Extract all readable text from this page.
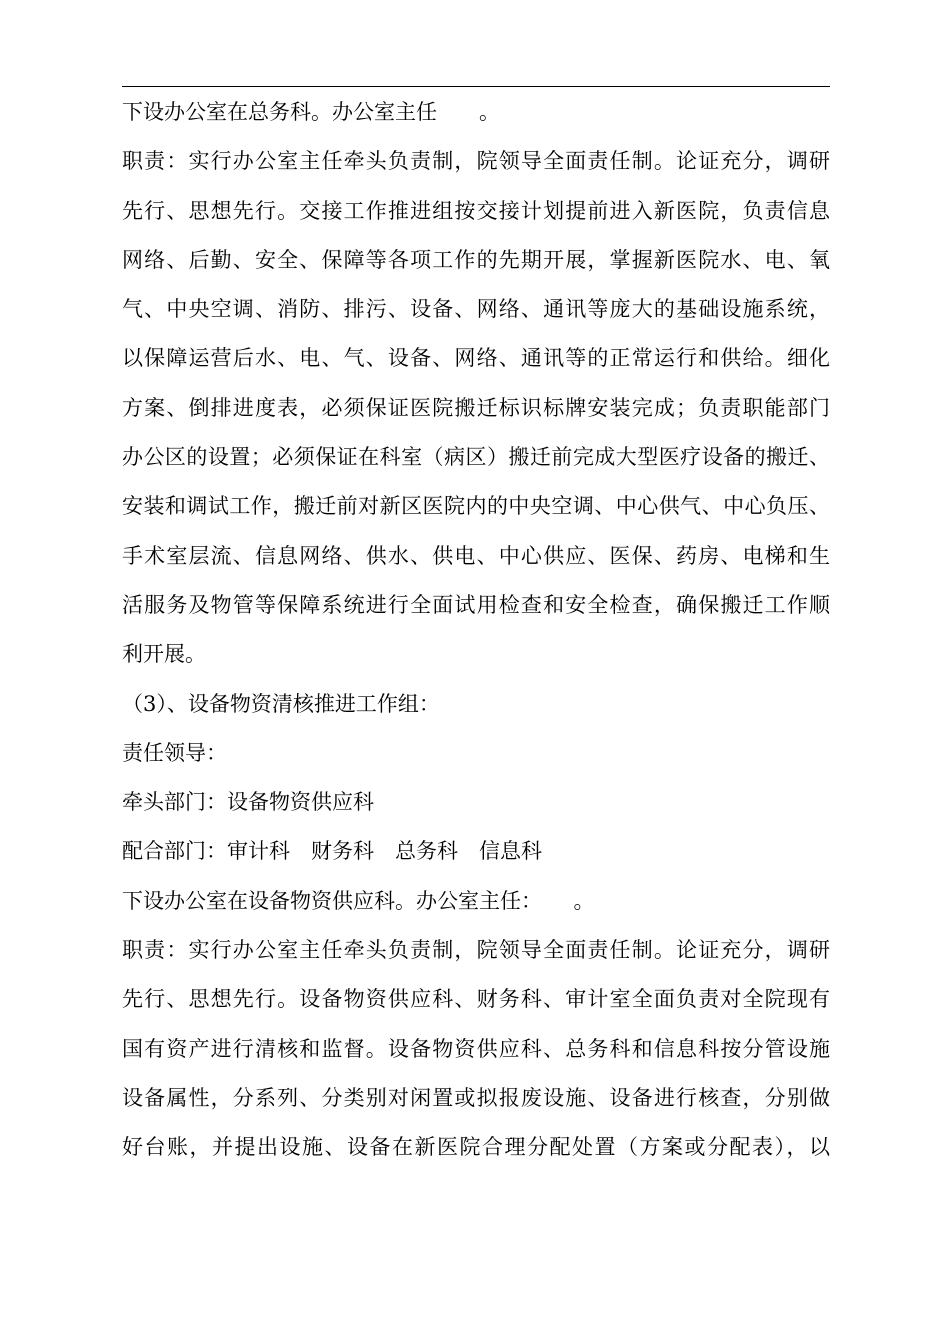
下设办公室在总务科。办公室主任　　。
职责：实行办公室主任牵头负责制，院领导全面责任制。论证充分，调研
先行、思想先行。交接工作推进组按交接计划提前进入新医院，负责信息
网络、后勤、安全、保障等各项工作的先期开展，掌握新医院水、电、氧
气、中央空调、消防、排污、设备、网络、通讯等庞大的基础设施系统，
以保障运营后水、电、气、设备、网络、通讯等的正常运行和供给。细化
方案、倒排进度表，必须保证医院搬迁标识标牌安装完成；负责职能部门
办公区的设置；必须保证在科室（病区）搬迁前完成大型医疗设备的搬迁、
安装和调试工作，搬迁前对新区医院内的中央空调、中心供气、中心负压、
手术室层流、信息网络、供水、供电、中心供应、医保、药房、电梯和生
活服务及物管等保障系统进行全面试用检查和安全检查，确保搬迁工作顺
利开展。
（3）、设备物资清核推进工作组：
责任领导：
牵头部门：设备物资供应科
配合部门：审计科　财务科　总务科　信息科
下设办公室在设备物资供应科。办公室主任：　　。
职责：实行办公室主任牵头负责制，院领导全面责任制。论证充分，调研
先行、思想先行。设备物资供应科、财务科、审计室全面负责对全院现有
国有资产进行清核和监督。设备物资供应科、总务科和信息科按分管设施
设备属性，分系列、分类别对闲置或拟报废设施、设备进行核查，分别做
好台账，并提出设施、设备在新医院合理分配处置（方案或分配表），以
